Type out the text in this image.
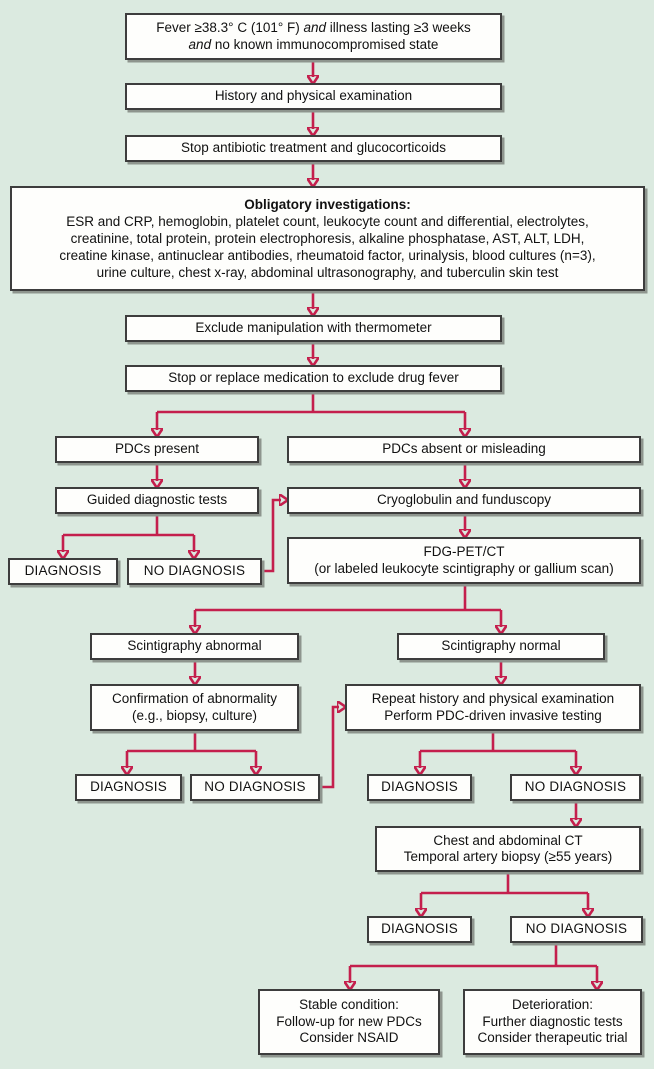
Fever ≥38.3° C (101° F) and illness lasting ≥3 weeks
and no known immunocompromised state
History and physical examination
Stop antibiotic treatment and glucocorticoids
Obligatory investigations:
ESR and CRP, hemoglobin, platelet count, leukocyte count and differential, electrolytes,
creatinine, total protein, protein electrophoresis, alkaline phosphatase, AST, ALT, LDH,
creatine kinase, antinuclear antibodies, rheumatoid factor, urinalysis, blood cultures (n=3),
urine culture, chest x-ray, abdominal ultrasonography, and tuberculin skin test
Exclude manipulation with thermometer
Stop or replace medication to exclude drug fever
PDCs present	PDCs absent or misleading
Guided diagnostic tests	Cryoglobulin and funduscopy
DIAGNOSIS	NO DIAGNOSIS
FDG-PET/CT
(or labeled leukocyte scintigraphy or gallium scan)
Scintigraphy abnormal	Scintigraphy normal
Confirmation of abnormality
(e.g., biopsy, culture)
Repeat history and physical examination
Perform PDC-driven invasive testing
DIAGNOSIS	NO DIAGNOSIS	DIAGNOSIS	NO DIAGNOSIS
Chest and abdominal CT
Temporal artery biopsy (≥55 years)
DIAGNOSIS	NO DIAGNOSIS
Stable condition:
Follow-up for new PDCs
Consider NSAID
Deterioration:
Further diagnostic tests
Consider therapeutic trial
